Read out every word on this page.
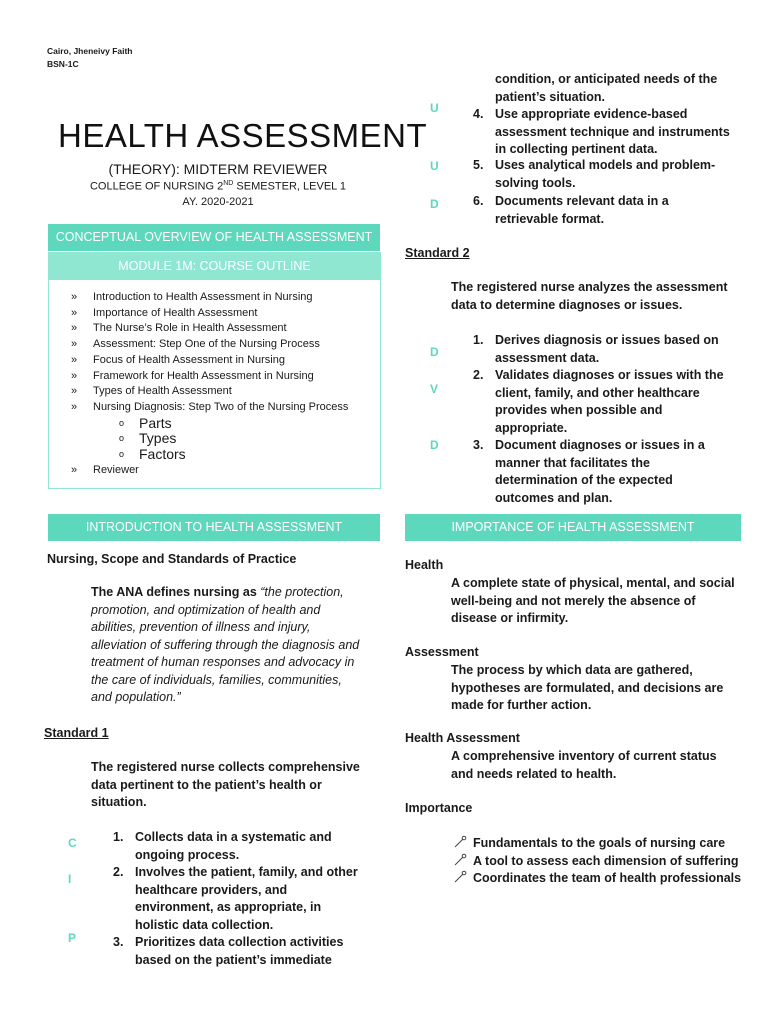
Cairo, Jheneivy Faith
BSN-1C
HEALTH ASSESSMENT
(THEORY): MIDTERM REVIEWER
COLLEGE OF NURSING 2ND SEMESTER, LEVEL 1
AY. 2020-2021
CONCEPTUAL OVERVIEW OF HEALTH ASSESSMENT
MODULE 1M: COURSE OUTLINE
» Introduction to Health Assessment in Nursing
» Importance of Health Assessment
» The Nurse’s Role in Health Assessment
» Assessment: Step One of the Nursing Process
» Focus of Health Assessment in Nursing
» Framework for Health Assessment in Nursing
» Types of Health Assessment
» Nursing Diagnosis: Step Two of the Nursing Process
o Parts
o Types
o Factors
» Reviewer
INTRODUCTION TO HEALTH ASSESSMENT
Nursing, Scope and Standards of Practice
The ANA defines nursing as “the protection, promotion, and optimization of health and abilities, prevention of illness and injury, alleviation of suffering through the diagnosis and treatment of human responses and advocacy in the care of individuals, families, communities, and population.”
Standard 1
The registered nurse collects comprehensive data pertinent to the patient’s health or situation.
C
I
P
1. Collects data in a systematic and ongoing process.
2. Involves the patient, family, and other healthcare providers, and environment, as appropriate, in holistic data collection.
3. Prioritizes data collection activities based on the patient’s immediate
condition, or anticipated needs of the patient’s situation.
U
U
D
4. Use appropriate evidence-based assessment technique and instruments in collecting pertinent data.
5. Uses analytical models and problem-solving tools.
6. Documents relevant data in a retrievable format.
Standard 2
The registered nurse analyzes the assessment data to determine diagnoses or issues.
D
V
D
1. Derives diagnosis or issues based on assessment data.
2. Validates diagnoses or issues with the client, family, and other healthcare provides when possible and appropriate.
3. Document diagnoses or issues in a manner that facilitates the determination of the expected outcomes and plan.
IMPORTANCE OF HEALTH ASSESSMENT
Health
A complete state of physical, mental, and social well-being and not merely the absence of disease or infirmity.
Assessment
The process by which data are gathered, hypotheses are formulated, and decisions are made for further action.
Health Assessment
A comprehensive inventory of current status and needs related to health.
Importance
Fundamentals to the goals of nursing care
A tool to assess each dimension of suffering
Coordinates the team of health professionals
